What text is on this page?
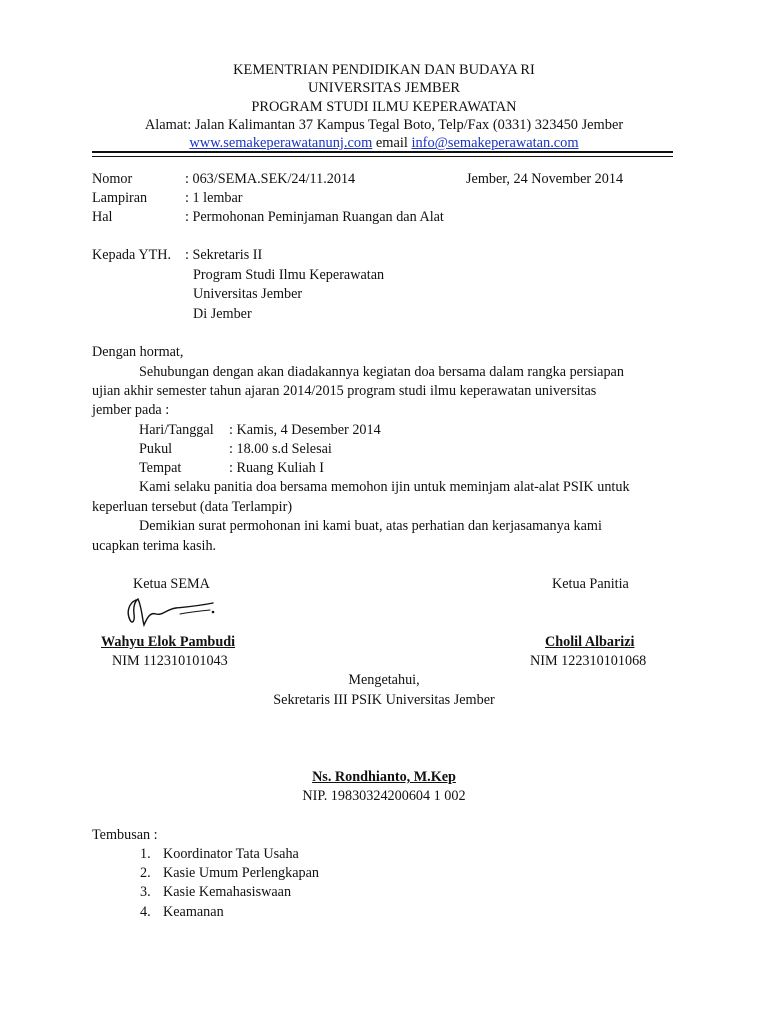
KEMENTRIAN PENDIDIKAN DAN BUDAYA RI
UNIVERSITAS JEMBER
PROGRAM STUDI ILMU KEPERAWATAN
Alamat: Jalan Kalimantan 37 Kampus Tegal Boto, Telp/Fax (0331) 323450 Jember
www.semakeperawatanunj.com email info@semakeperawatan.com
Nomor	: 063/SEMA.SEK/24/11.2014	Jember, 24 November 2014
Lampiran	: 1 lembar
Hal	: Permohonan Peminjaman Ruangan dan Alat
Kepada YTH. : Sekretaris II
Program Studi Ilmu Keperawatan
Universitas Jember
Di Jember
Dengan hormat,
Sehubungan dengan akan diadakannya kegiatan doa bersama dalam rangka persiapan
ujian akhir semester tahun ajaran 2014/2015 program studi ilmu keperawatan universitas
jember pada :
Hari/Tanggal : Kamis, 4 Desember 2014
Pukul	: 18.00 s.d Selesai
Tempat	: Ruang Kuliah I
Kami selaku panitia doa bersama memohon ijin untuk meminjam alat-alat PSIK untuk
keperluan tersebut (data Terlampir)
Demikian surat permohonan ini kami buat, atas perhatian dan kerjasamanya kami
ucapkan terima kasih.
Ketua SEMA	Ketua Panitia
Wahyu Elok Pambudi	Cholil Albarizi
NIM 112310101043	NIM 122310101068
Mengetahui,
Sekretaris III PSIK Universitas Jember
Ns. Rondhianto, M.Kep
NIP. 19830324200604 1 002
Tembusan :
1. Koordinator Tata Usaha
2. Kasie Umum Perlengkapan
3. Kasie Kemahasiswaan
4. Keamanan
